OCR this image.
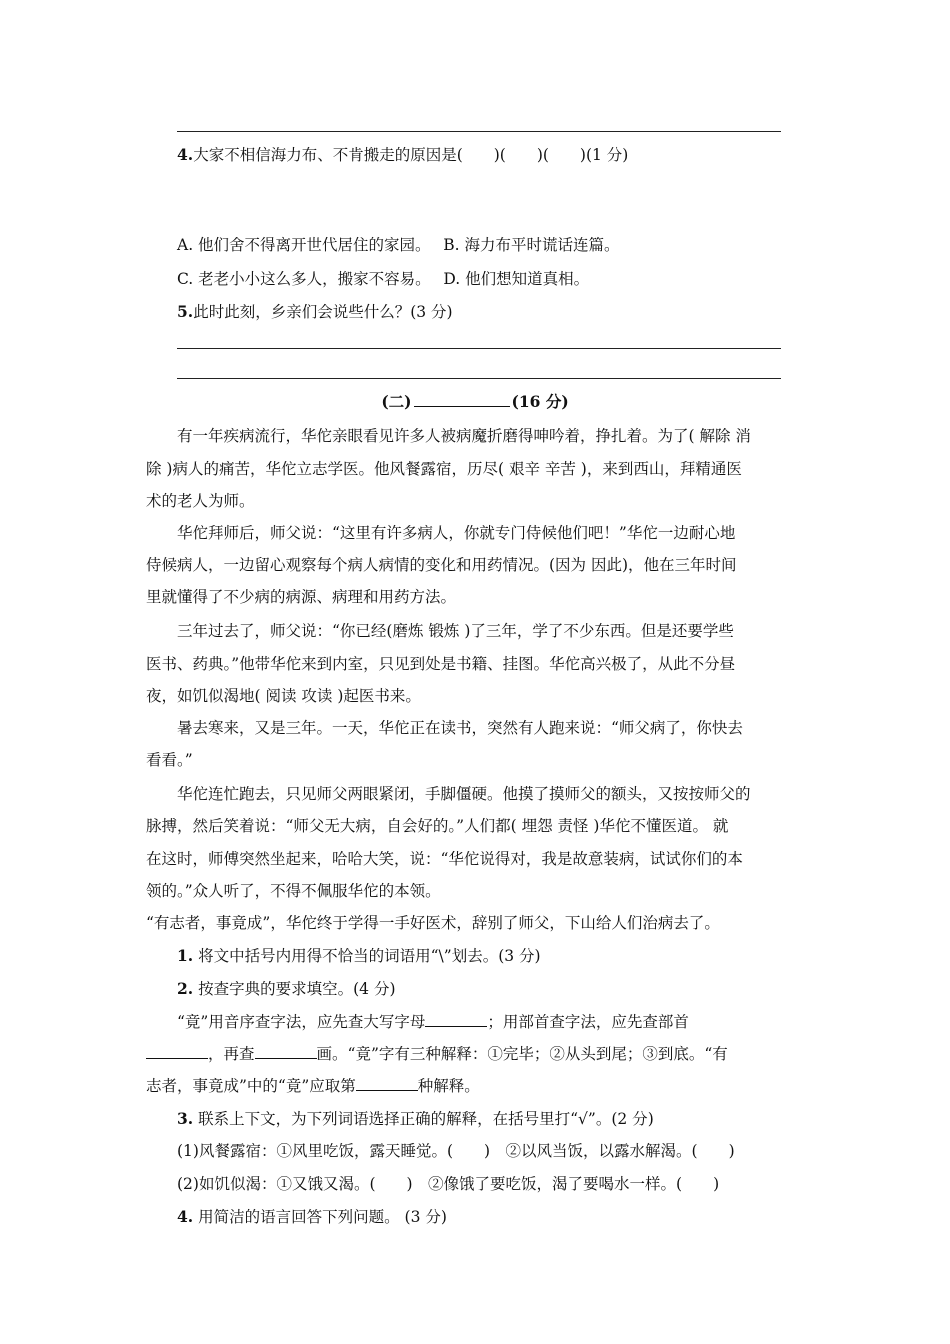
4.大家不相信海力布、不肯搬走的原因是(　　)(　　)(　　)(1 分)
A. 他们舍不得离开世代居住的家园。　 B. 海力布平时谎话连篇。
C. 老老小小这么多人，搬家不容易。　 D. 他们想知道真相。
5.此时此刻，乡亲们会说些什么？(3 分)
(二)	(16 分)
有一年疾病流行，华佗亲眼看见许多人被病魔折磨得呻吟着，挣扎着。为了( 解除 消
除 )病人的痛苦，华佗立志学医。他风餐露宿，历尽( 艰辛 辛苦 )，来到西山，拜精通医
术的老人为师。
华佗拜师后，师父说：“这里有许多病人，你就专门侍候他们吧！”华佗一边耐心地
侍候病人，一边留心观察每个病人病情的变化和用药情况。(因为 因此)，他在三年时间
里就懂得了不少病的病源、病理和用药方法。
三年过去了，师父说：“你已经(磨炼 锻炼 )了三年，学了不少东西。但是还要学些
医书、药典。”他带华佗来到内室，只见到处是书籍、挂图。华佗高兴极了，从此不分昼
夜，如饥似渴地( 阅读 攻读 )起医书来。
暑去寒来，又是三年。一天，华佗正在读书，突然有人跑来说：“师父病了，你快去
看看。”
华佗连忙跑去，只见师父两眼紧闭，手脚僵硬。他摸了摸师父的额头，又按按师父的
脉搏，然后笑着说：“师父无大病，自会好的。”人们都( 埋怨 责怪 )华佗不懂医道。 就
在这时，师傅突然坐起来，哈哈大笑，说：“华佗说得对，我是故意装病，试试你们的本
领的。”众人听了，不得不佩服华佗的本领。
“有志者，事竟成”，华佗终于学得一手好医术，辞别了师父，下山给人们治病去了。
1. 将文中括号内用得不恰当的词语用“\”划去。(3 分)
2. 按查字典的要求填空。(4 分)
“竟”用音序查字法，应先查大写字母	；用部首查字法，应先查部首
，再查	画。“竟”字有三种解释：①完毕；②从头到尾；③到底。“有
志者，事竟成”中的“竟”应取第	种解释。
3. 联系上下文，为下列词语选择正确的解释，在括号里打“√”。(2 分)
(1)风餐露宿：①风里吃饭，露天睡觉。(　　)　②以风当饭，以露水解渴。(　　)
(2)如饥似渴：①又饿又渴。(　　)　②像饿了要吃饭，渴了要喝水一样。(　　)
4. 用简洁的语言回答下列问题。 (3 分)
